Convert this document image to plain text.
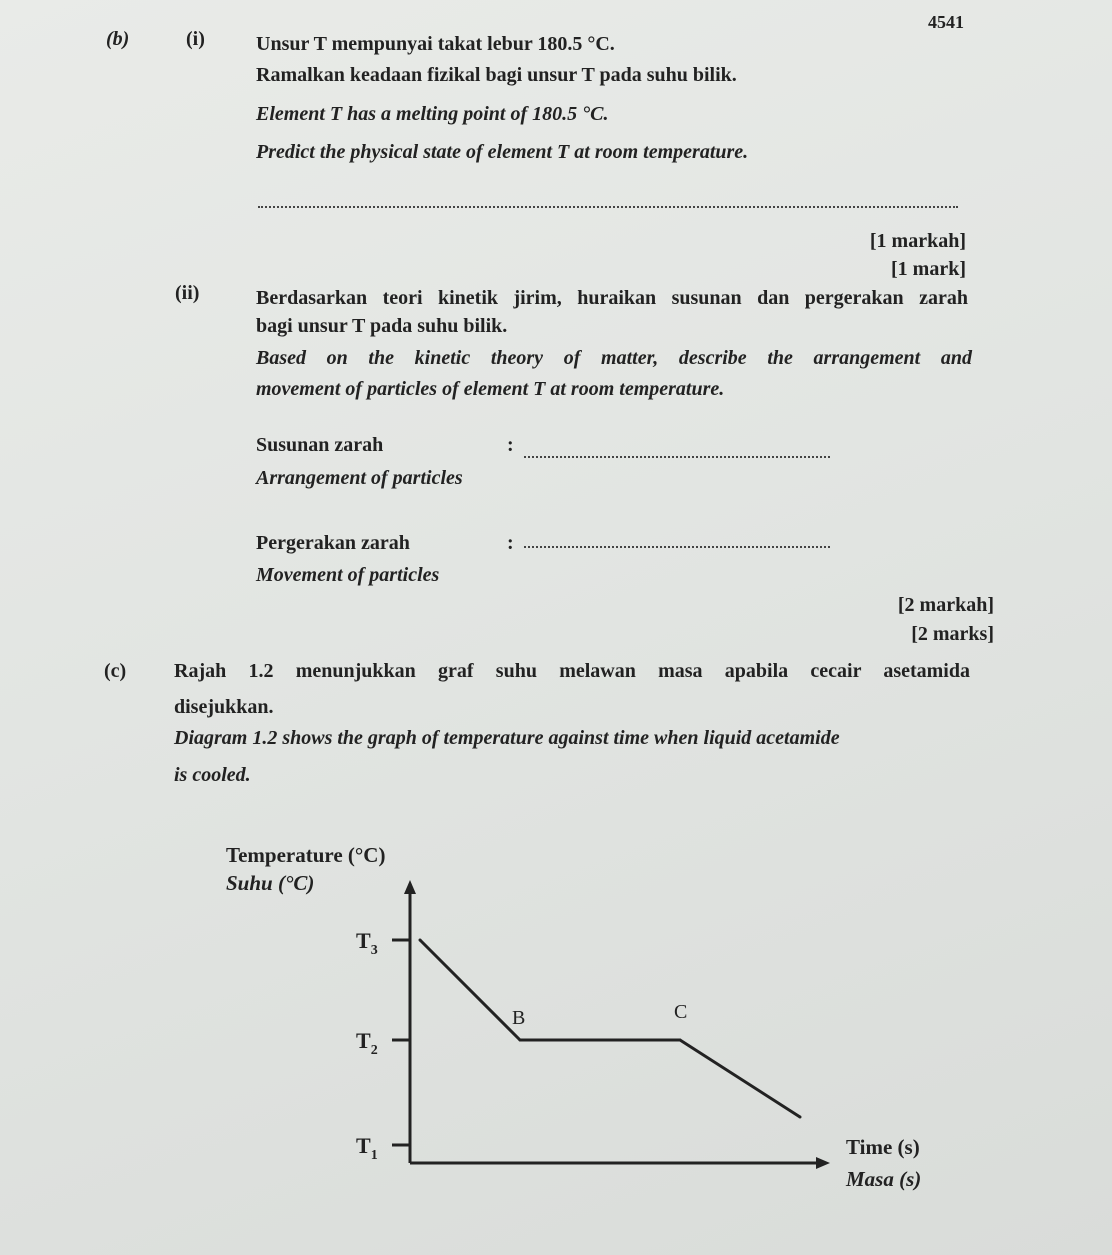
4541
(b)	(i)	Unsur T mempunyai takat lebur 180.5 °C.
Ramalkan keadaan fizikal bagi unsur T pada suhu bilik.
Element T has a melting point of 180.5 °C.
Predict the physical state of element T at room temperature.
[1 markah]
[1 mark]
(ii)	Berdasarkan teori kinetik jirim, huraikan susunan dan pergerakan zarah
bagi unsur T pada suhu bilik.
Based on the kinetic theory of matter, describe the arrangement and
movement of particles of element T at room temperature.
Susunan zarah	:
Arrangement of particles
Pergerakan zarah	:
Movement of particles
[2 markah]
[2 marks]
(c) Rajah 1.2 menunjukkan graf suhu melawan masa apabila cecair asetamida
disejukkan.
Diagram 1.2 shows the graph of temperature against time when liquid acetamide
is cooled.
Temperature (°C)
Suhu (°C)
Time (s)
Masa (s)
$T_3$
$T_2$
$T_1$
B	C
